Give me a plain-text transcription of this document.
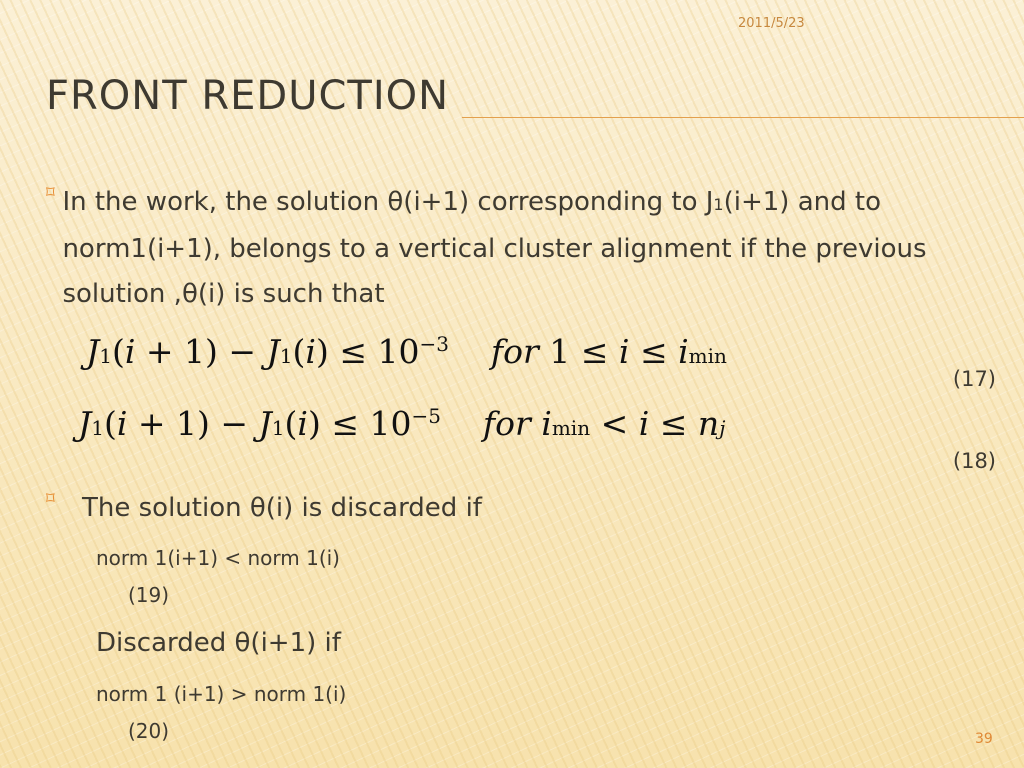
2011/5/23
FRONT REDUCTION
⌑ In the work, the solution θ(i+1) corresponding to J1(i+1) and to norm1(i+1), belongs to a vertical cluster alignment if the previous solution ,θ(i) is such that
$J1(i + 1) - J1(i) \le 10^{-3}$ for 1 ≤ i ≤ imin
(17)
$J1(i + 1) - J1(i) \le 10^{-5}$ for imin < i ≤ nj
(18)
⌑	The solution θ(i) is discarded if
norm 1(i+1) < norm 1(i)
(19)
Discarded θ(i+1) if
norm 1 (i+1) > norm 1(i)
(20)	39
